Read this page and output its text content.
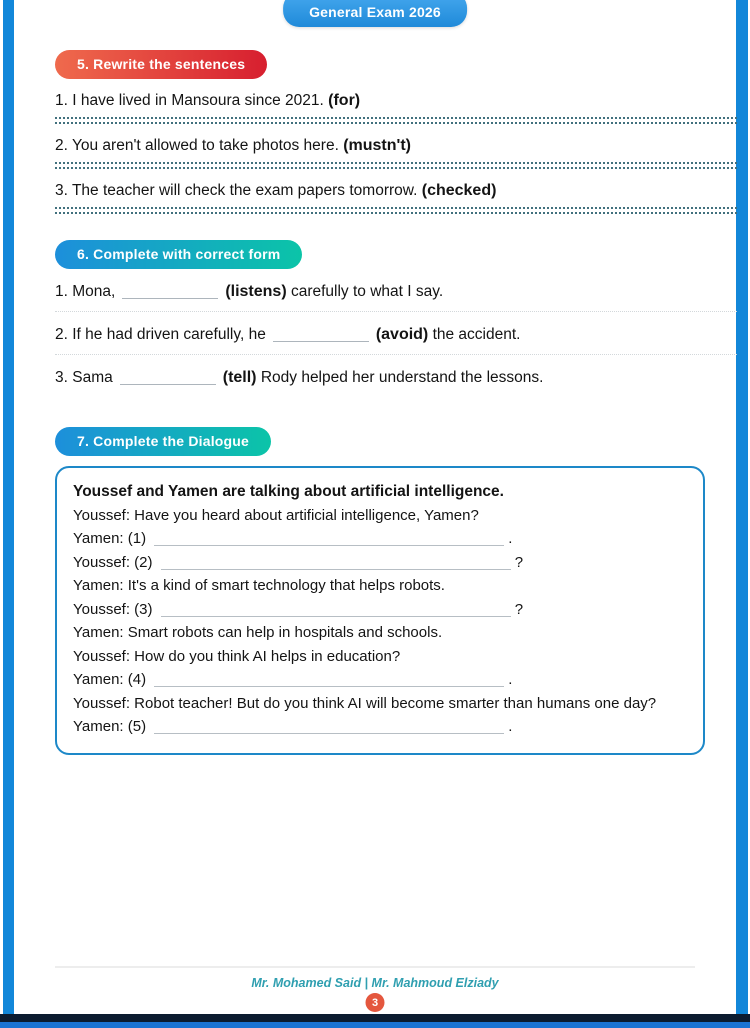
General Exam 2026
5. Rewrite the sentences
1. I have lived in Mansoura since 2021. (for)
2. You aren't allowed to take photos here. (mustn't)
3. The teacher will check the exam papers tomorrow. (checked)
6. Complete with correct form
1. Mona,	(listens) carefully to what I say.
2. If he had driven carefully, he	(avoid) the accident.
3. Sama	(tell) Rody helped her understand the lessons.
7. Complete the Dialogue
Youssef and Yamen are talking about artificial intelligence.
Youssef: Have you heard about artificial intelligence, Yamen?
Yamen: (1)	.
Youssef: (2)	?
Yamen: It's a kind of smart technology that helps robots.
Youssef: (3)	?
Yamen: Smart robots can help in hospitals and schools.
Youssef: How do you think AI helps in education?
Yamen: (4)	.
Youssef: Robot teacher! But do you think AI will become smarter than humans one day?
Yamen: (5)	.
Mr. Mohamed Said | Mr. Mahmoud Elziady
3
